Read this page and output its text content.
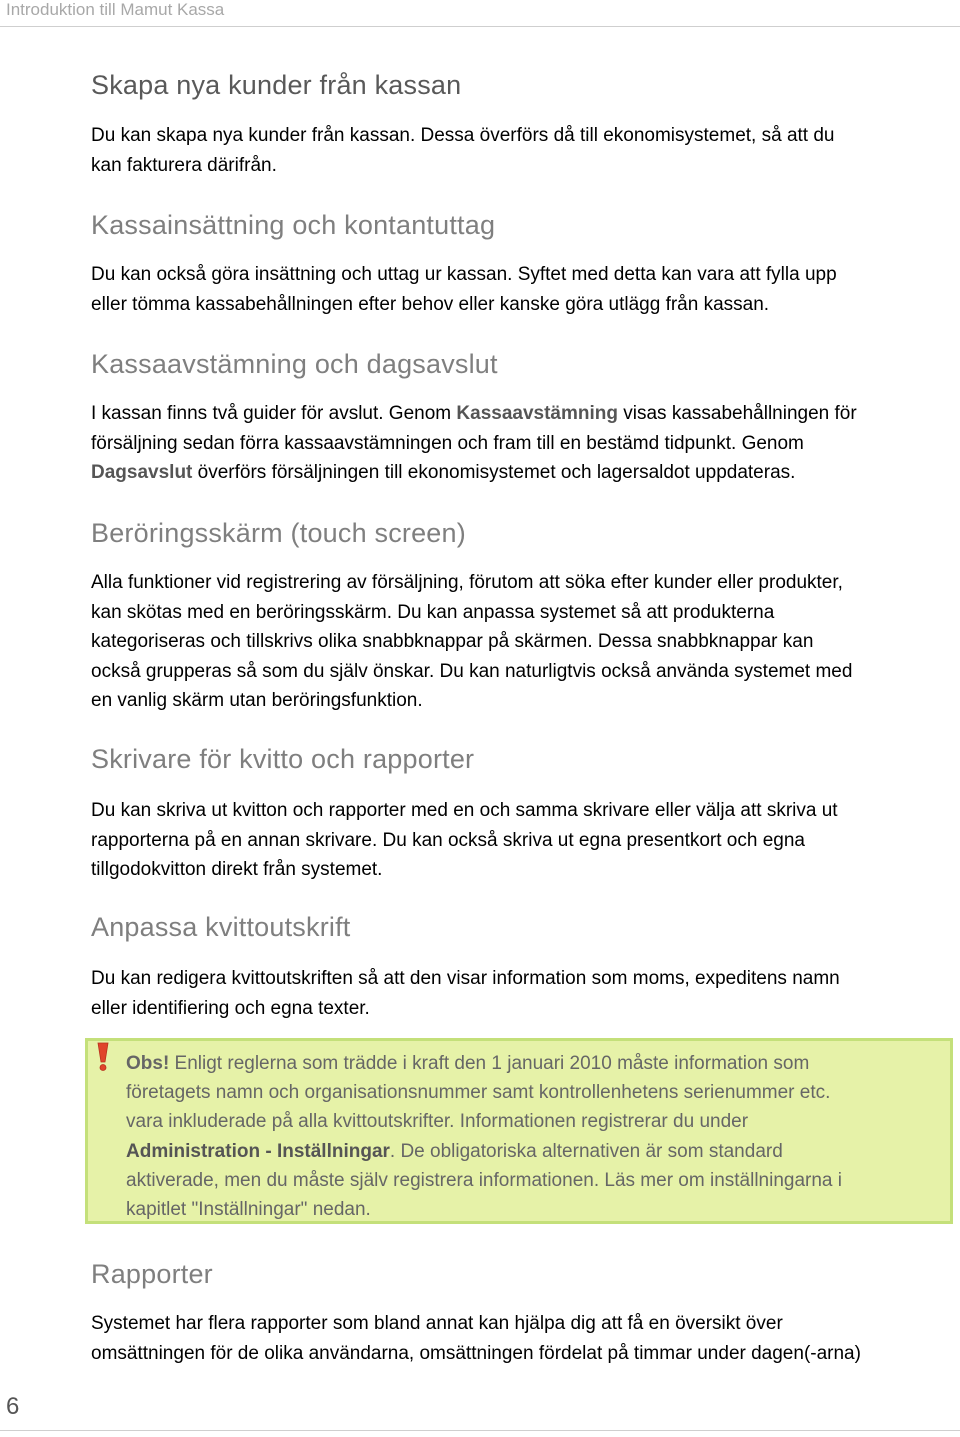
Introduktion till Mamut Kassa
Skapa nya kunder från kassan

Du kan skapa nya kunder från kassan. Dessa överförs då till ekonomisystemet, så att du
kan fakturera därifrån.

Kassainsättning och kontantuttag

Du kan också göra insättning och uttag ur kassan. Syftet med detta kan vara att fylla upp
eller tömma kassabehållningen efter behov eller kanske göra utlägg från kassan.

Kassaavstämning och dagsavslut

I kassan finns två guider för avslut. Genom Kassaavstämning visas kassabehållningen för
försäljning sedan förra kassaavstämningen och fram till en bestämd tidpunkt. Genom
Dagsavslut överförs försäljningen till ekonomisystemet och lagersaldot uppdateras.

Beröringsskärm (touch screen)

Alla funktioner vid registrering av försäljning, förutom att söka efter kunder eller produkter,
kan skötas med en beröringsskärm. Du kan anpassa systemet så att produkterna
kategoriseras och tillskrivs olika snabbknappar på skärmen. Dessa snabbknappar kan
också grupperas så som du själv önskar. Du kan naturligtvis också använda systemet med
en vanlig skärm utan beröringsfunktion.

Skrivare för kvitto och rapporter

Du kan skriva ut kvitton och rapporter med en och samma skrivare eller välja att skriva ut
rapporterna på en annan skrivare. Du kan också skriva ut egna presentkort och egna
tillgodokvitton direkt från systemet.

Anpassa kvittoutskrift

Du kan redigera kvittoutskriften så att den visar information som moms, expeditens namn
eller identifiering och egna texter.

Rapporter

Systemet har flera rapporter som bland annat kan hjälpa dig att få en översikt över
omsättningen för de olika användarna, omsättningen fördelat på timmar under dagen(-arna)

Obs! Enligt reglerna som trädde i kraft den 1 januari 2010 måste information som
företagets namn och organisationsnummer samt kontrollenhetens serienummer etc.
vara inkluderade på alla kvittoutskrifter. Informationen registrerar du under
Administration - Inställningar. De obligatoriska alternativen är som standard
aktiverade, men du måste själv registrera informationen. Läs mer om inställningarna i
kapitlet "Inställningar" nedan.

6
